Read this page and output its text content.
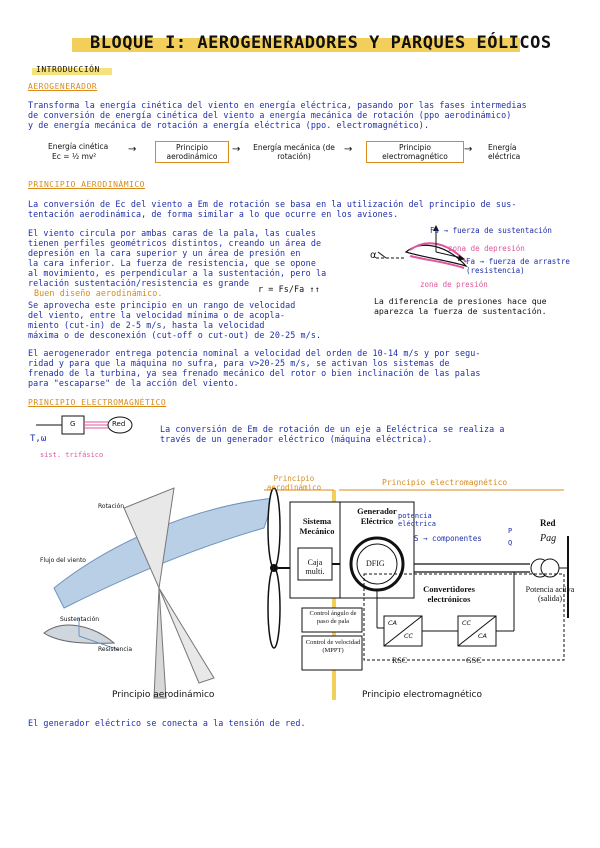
BLOQUE I: AEROGENERADORES Y PARQUES EÓLICOS
INTRODUCCIÓN
AEROGENERADOR
Transforma la energía cinética del viento en energía eléctrica, pasando por las fases intermedias
de conversión de energía cinética del viento a energía mecánica de rotación (ppo aerodinámico)
y de energía mecánica de rotación a energía eléctrica (ppo. electromagnético).
Energía cinética
Ec = ½ mv²
→	Principio aerodinámico
→	Energía mecánica (de rotación)
→	Principio electromagnético
→ Energía eléctrica
PRINCIPIO AERODINÁMICO
La conversión de Ec del viento a Em de rotación se basa en la utilización del principio de sus-
tentación aerodinámica, de forma similar a lo que ocurre en los aviones.
El viento circula por ambas caras de la pala, las cuales
tienen perfiles geométricos distintos, creando un área de
depresión en la cara superior y un área de presión en
la cara inferior. La fuerza de resistencia, que se opone
al movimiento, es perpendicular a la sustentación, pero la
relación sustentación/resistencia es grande
r = Fs/Fa ↑↑
Buen diseño aerodinámico.
Se aprovecha este principio en un rango de velocidad
del viento, entre la velocidad mínima o de acopla-
miento (cut-in) de 2-5 m/s, hasta la velocidad
máxima o de desconexión (cut-off o cut-out) de 20-25 m/s.
α
Fs → fuerza de sustentación
zona de depresión
Fa → fuerza de arrastre (resistencia)
zona de presión
La diferencia de presiones hace que
aparezca la fuerza de sustentación.
El aerogenerador entrega potencia nominal a velocidad del orden de 10-14 m/s y por segu-
ridad y para que la máquina no sufra, para v>20-25 m/s, se activan los sistemas de
frenado de la turbina, ya sea frenado mecánico del rotor o bien inclinación de las palas
para "escaparse" de la acción del viento.
PRINCIPIO ELECTROMAGNÉTICO
G	Red
T,ω
sist. trifásico
La conversión de Em de rotación de un eje a Eeléctrica se realiza a
través de un generador eléctrico (máquina eléctrica).
Principio aerodinámico
Principio electromagnético
Rotación
Flujo del viento
Sustentación
Resistencia
Sistema Mecánico
Caja multi.
Generador Eléctrico
DFIG
potencia eléctrica
S → componentes
P
Q
Red
Pag
Convertidores electrónicos
Potencia activa (salida)
Control ángulo de paso de pala
Control de velocidad (MPPT)
CA
CC
CC
CA
RSC	GSC
Principio aerodinámico	Principio electromagnético
El generador eléctrico se conecta a la tensión de red.
